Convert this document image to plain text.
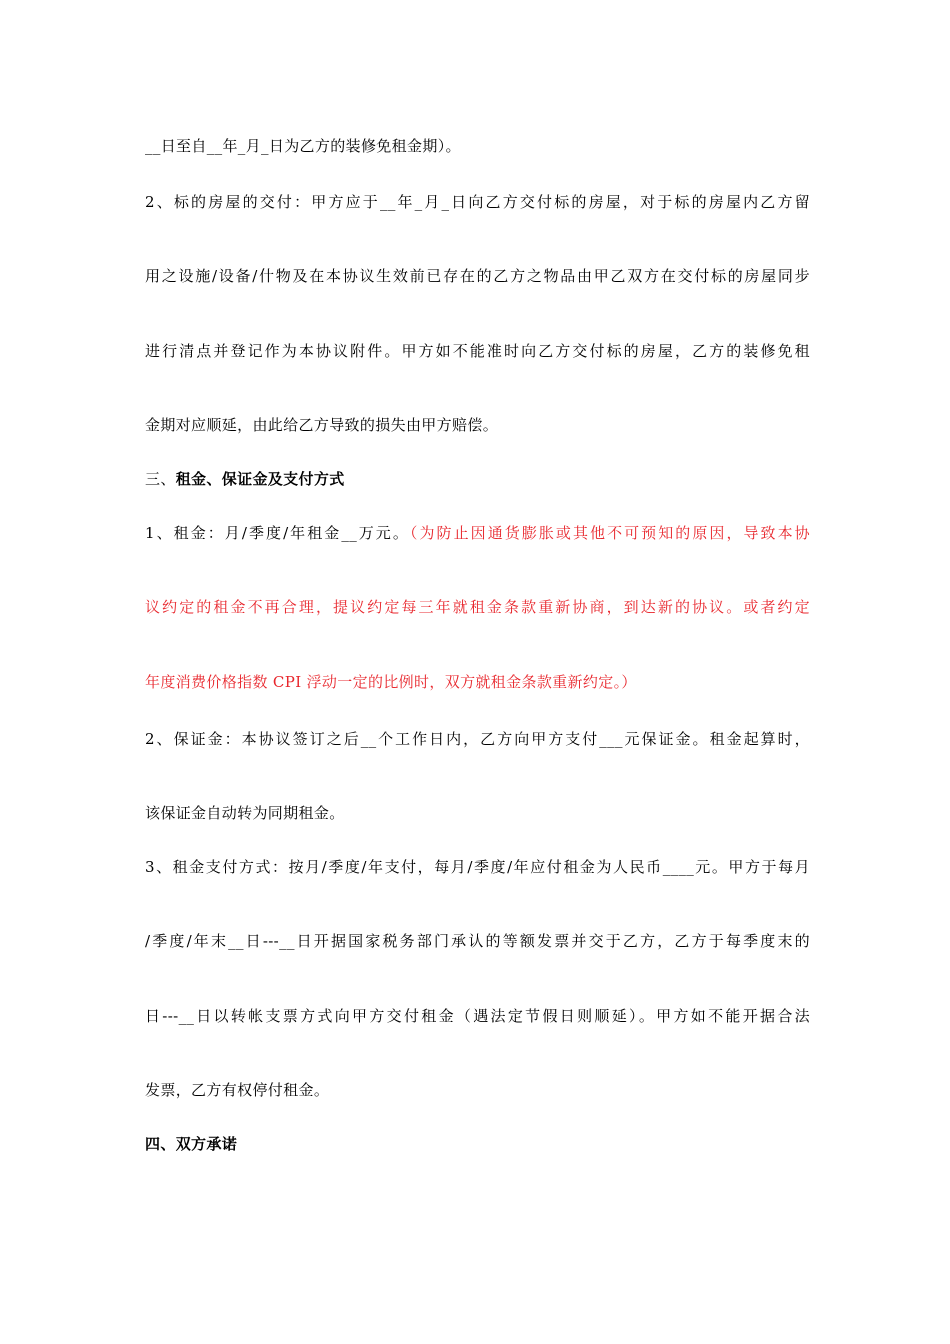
__日至自__年_月_日为乙方的装修免租金期）。
2、标的房屋的交付：甲方应于__年_月_日向乙方交付标的房屋，对于标的房屋内乙方留
用之设施/设备/什物及在本协议生效前已存在的乙方之物品由甲乙双方在交付标的房屋同步
进行清点并登记作为本协议附件。甲方如不能准时向乙方交付标的房屋，乙方的装修免租
金期对应顺延，由此给乙方导致的损失由甲方赔偿。
三、租金、保证金及支付方式
1、租金：月/季度/年租金__万元。（为防止因通货膨胀或其他不可预知的原因，导致本协
议约定的租金不再合理，提议约定每三年就租金条款重新协商，到达新的协议。或者约定
年度消费价格指数 CPI 浮动一定的比例时，双方就租金条款重新约定。）
2、保证金：本协议签订之后__个工作日内，乙方向甲方支付___元保证金。租金起算时，
该保证金自动转为同期租金。
3、租金支付方式：按月/季度/年支付，每月/季度/年应付租金为人民币____元。甲方于每月
/季度/年末__日---__日开据国家税务部门承认的等额发票并交于乙方，乙方于每季度末的
日---__日以转帐支票方式向甲方交付租金（遇法定节假日则顺延）。甲方如不能开据合法
发票，乙方有权停付租金。
四、双方承诺
